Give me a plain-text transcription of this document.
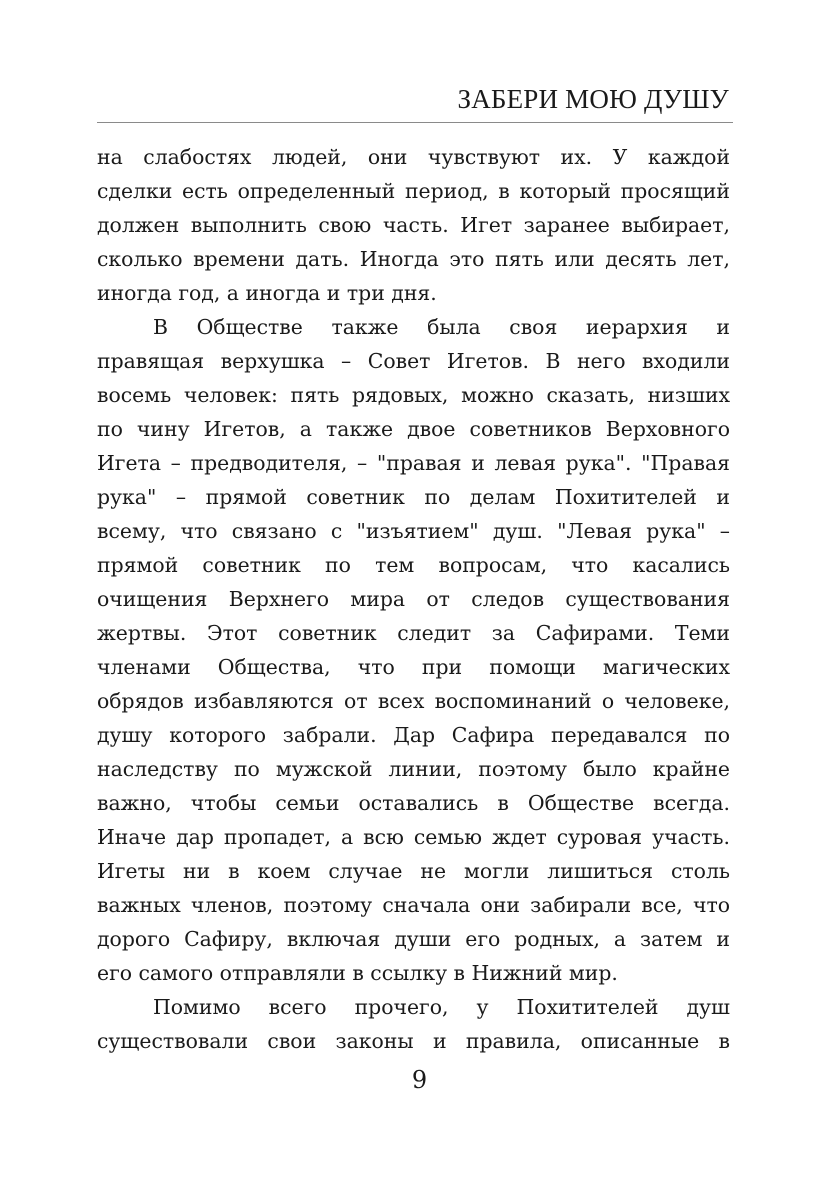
ЗАБЕРИ МОЮ ДУШУ
на слабостях людей, они чувствуют их. У каждой
сделки есть определенный период, в который просящий
должен выполнить свою часть. Игет заранее выбирает,
сколько времени дать. Иногда это пять или десять лет,
иногда год, а иногда и три дня.
В Обществе также была своя иерархия и
правящая верхушка – Совет Игетов. В него входили
восемь человек: пять рядовых, можно сказать, низших
по чину Игетов, а также двое советников Верховного
Игета – предводителя, – "правая и левая рука". "Правая
рука" – прямой советник по делам Похитителей и
всему, что связано с "изъятием" душ. "Левая рука" –
прямой советник по тем вопросам, что касались
очищения Верхнего мира от следов существования
жертвы. Этот советник следит за Сафирами. Теми
членами Общества, что при помощи магических
обрядов избавляются от всех воспоминаний о человеке,
душу которого забрали. Дар Сафира передавался по
наследству по мужской линии, поэтому было крайне
важно, чтобы семьи оставались в Обществе всегда.
Иначе дар пропадет, а всю семью ждет суровая участь.
Игеты ни в коем случае не могли лишиться столь
важных членов, поэтому сначала они забирали все, что
дорого Сафиру, включая души его родных, а затем и
его самого отправляли в ссылку в Нижний мир.
Помимо всего прочего, у Похитителей душ
существовали свои законы и правила, описанные в
9
